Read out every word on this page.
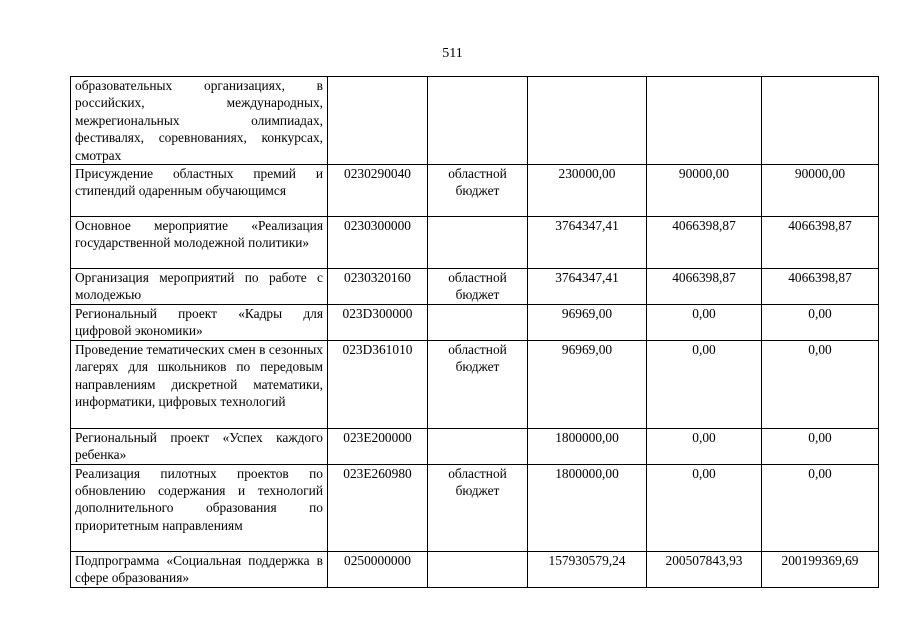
511
образовательных организациях, в российских, международных, межрегиональных олимпиадах, фестивалях, соревнованиях, конкурсах, смотрах					
Присуждение областных премий и стипендий одаренным обучающимся	0230290040	областной бюджет	230000,00	90000,00	90000,00
Основное мероприятие «Реализация государственной молодежной политики»	0230300000		3764347,41	4066398,87	4066398,87
Организация мероприятий по работе с молодежью	0230320160	областной бюджет	3764347,41	4066398,87	4066398,87
Региональный проект «Кадры для цифровой экономики»	023D300000		96969,00	0,00	0,00
Проведение тематических смен в сезонных лагерях для школьников по передовым направлениям дискретной математики, информатики, цифровых технологий	023D361010	областной бюджет	96969,00	0,00	0,00
Региональный проект «Успех каждого ребенка»	023E200000		1800000,00	0,00	0,00
Реализация пилотных проектов по обновлению содержания и технологий дополнительного образования по приоритетным направлениям	023E260980	областной бюджет	1800000,00	0,00	0,00
Подпрограмма «Социальная поддержка в сфере образования»	0250000000		157930579,24	200507843,93	200199369,69
